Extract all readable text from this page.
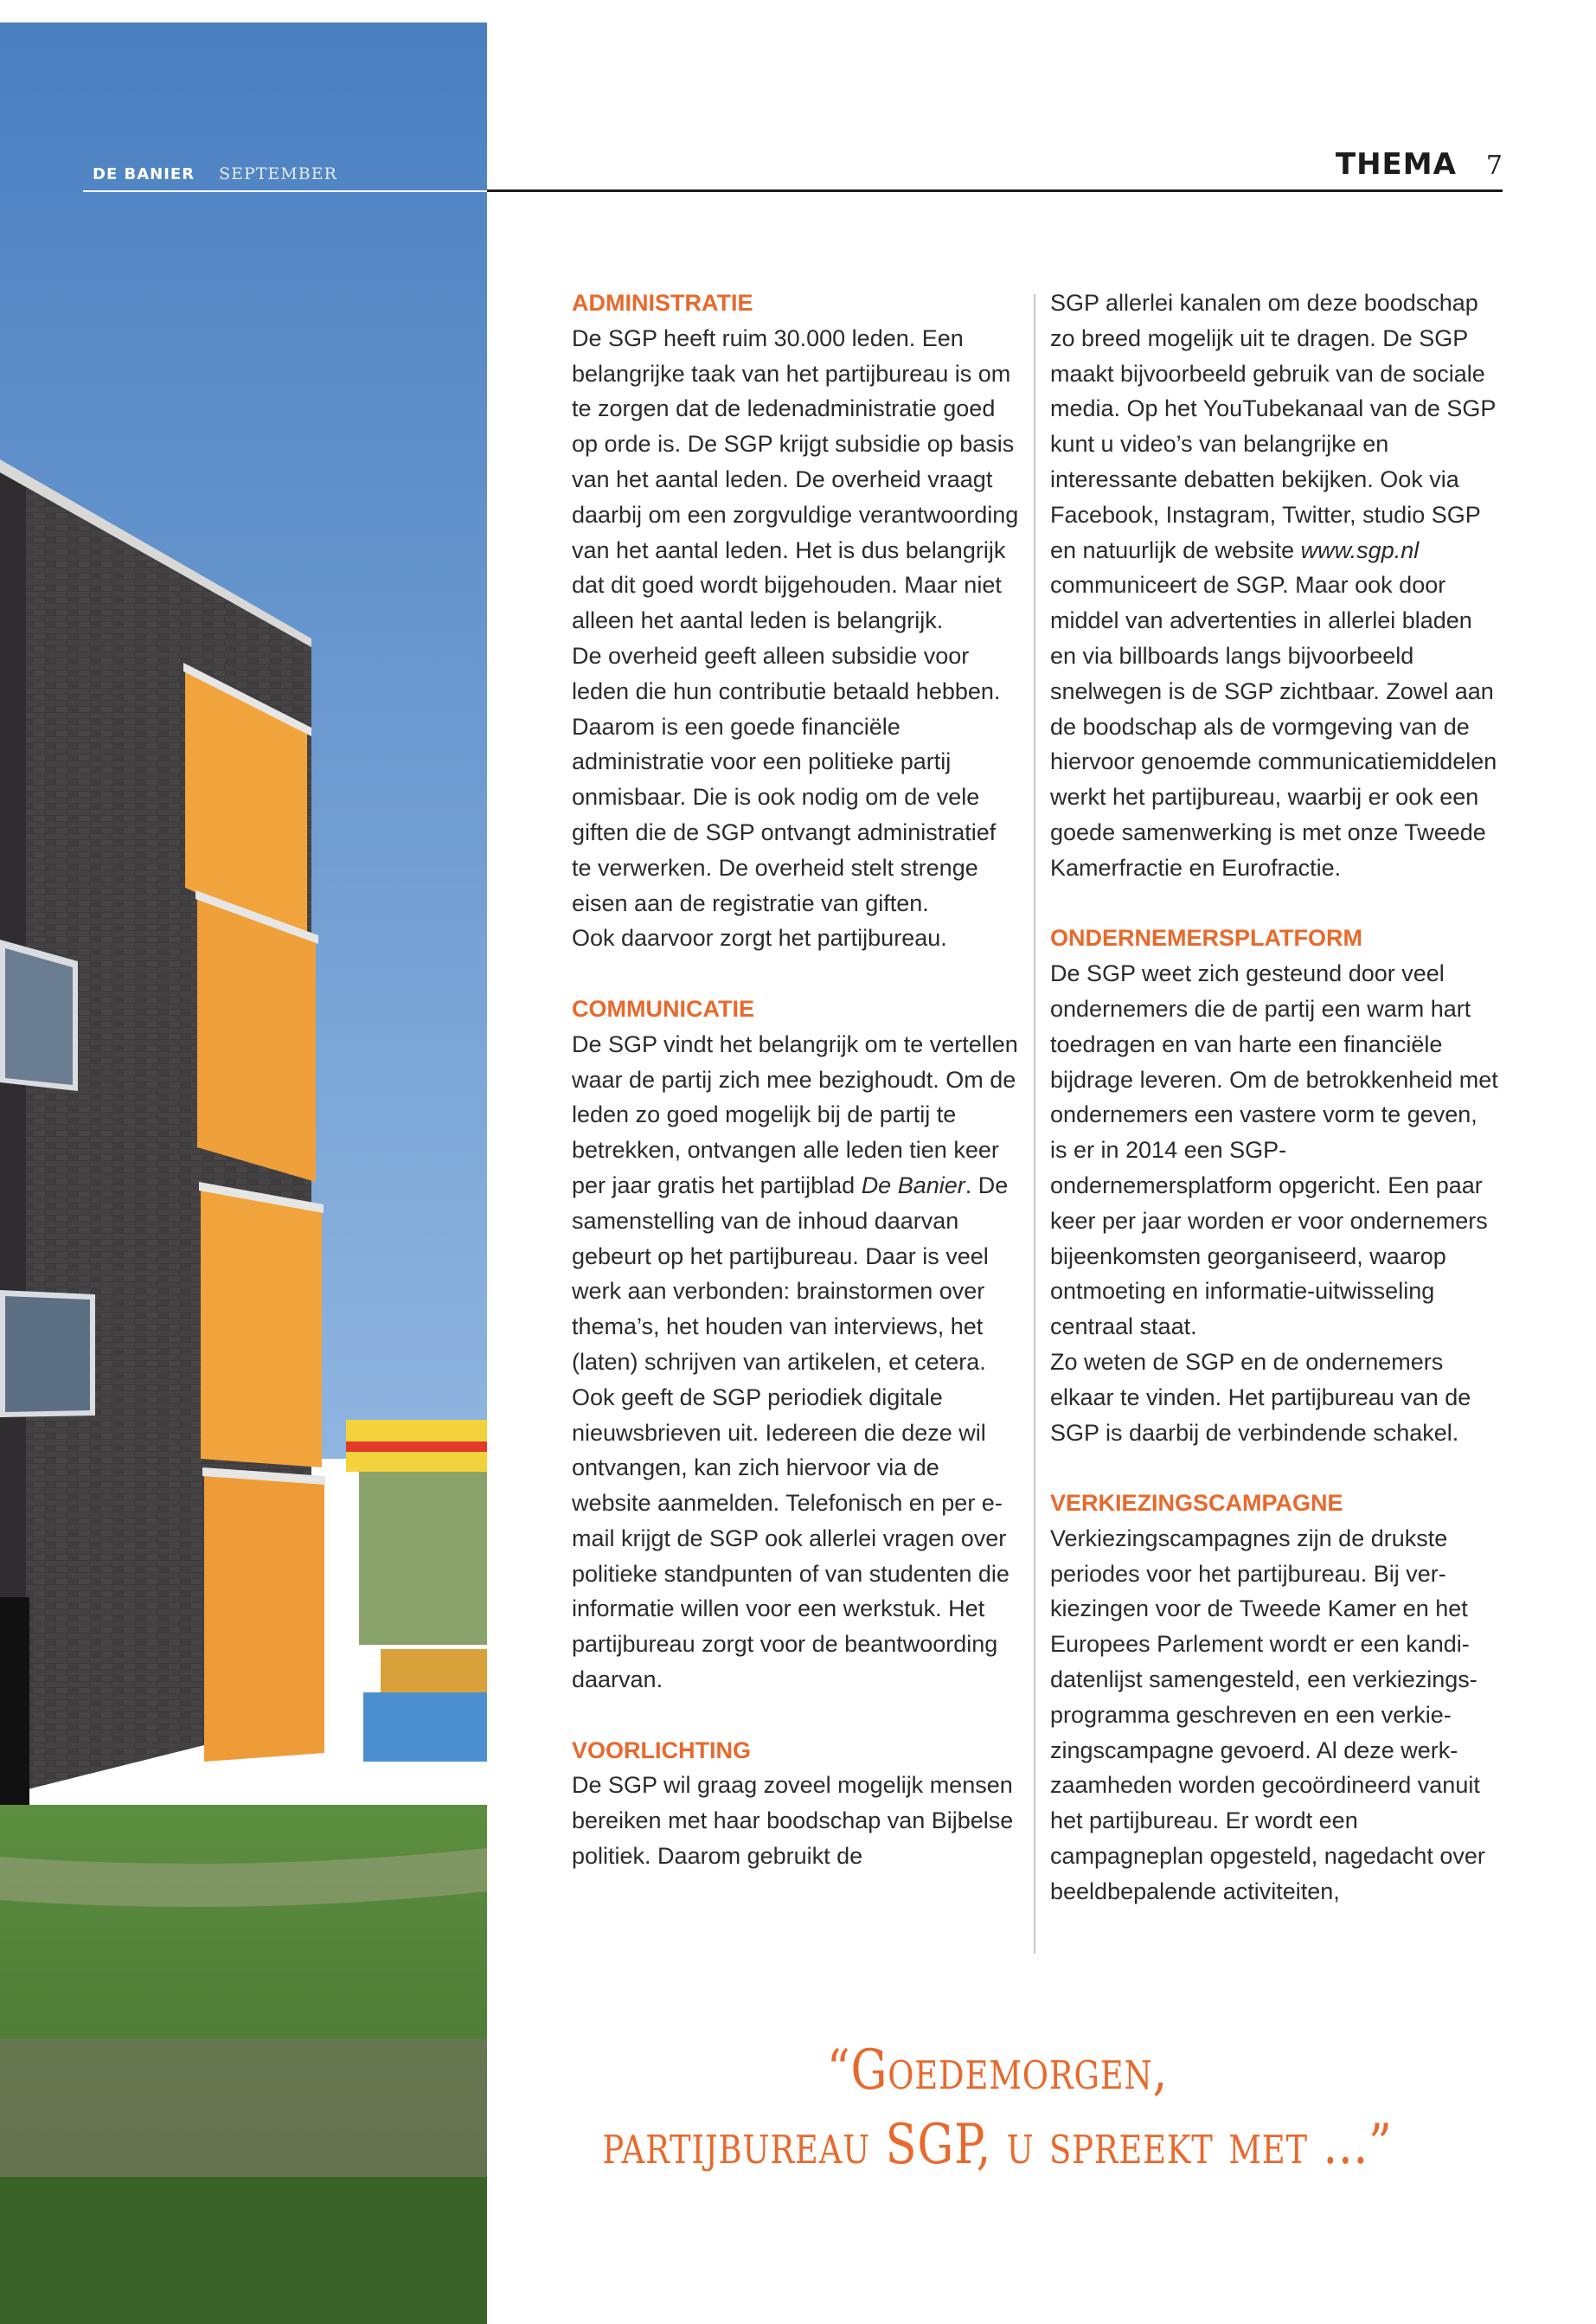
DE BANIER SEPTEMBER	THEMA 7
ADMINISTRATIE

De SGP heeft ruim 30.000 leden. Een belangrijke taak van het partijbureau is om te zorgen dat de ledenadministratie goed op orde is. De SGP krijgt subsidie op basis van het aantal leden. De overheid vraagt daarbij om een zorgvuldige verantwoording van het aantal leden. Het is dus belangrijk dat dit goed wordt bijgehouden. Maar niet alleen het aantal leden is belangrijk.

De overheid geeft alleen subsidie voor leden die hun contributie betaald hebben. Daarom is een goede financiële administratie voor een politieke partij onmisbaar. Die is ook nodig om de vele giften die de SGP ontvangt administratief te verwerken. De overheid stelt strenge eisen aan de registratie van giften.

Ook daarvoor zorgt het partijbureau.

COMMUNICATIE

De SGP vindt het belangrijk om te vertellen waar de partij zich mee bezighoudt. Om de leden zo goed mogelijk bij de partij te betrekken, ontvangen alle leden tien keer per jaar gratis het partijblad De Banier. De samenstelling van de inhoud daarvan gebeurt op het partijbureau. Daar is veel werk aan verbonden: brainstormen over thema’s, het houden van interviews, het (laten) schrijven van artikelen, et cetera. Ook geeft de SGP periodiek digitale nieuwsbrieven uit. Iedereen die deze wil ontvangen, kan zich hiervoor via de website aanmelden. Telefonisch en per e-mail krijgt de SGP ook allerlei vragen over politieke standpunten of van studenten die informatie willen voor een werkstuk. Het partijbureau zorgt voor de beantwoording daarvan.

VOORLICHTING

De SGP wil graag zoveel mogelijk mensen bereiken met haar boodschap van Bijbelse politiek. Daarom gebruikt de

SGP allerlei kanalen om deze boodschap zo breed mogelijk uit te dragen. De SGP maakt bijvoorbeeld gebruik van de sociale media. Op het YouTubekanaal van de SGP kunt u video’s van belangrijke en interessante debatten bekijken. Ook via Facebook, Instagram, Twitter, studio SGP en natuurlijk de website www.sgp.nl communiceert de SGP. Maar ook door middel van advertenties in allerlei bladen en via billboards langs bijvoorbeeld snelwegen is de SGP zichtbaar. Zowel aan de boodschap als de vormgeving van de hiervoor genoemde communicatiemiddelen werkt het partijbureau, waarbij er ook een goede samenwerking is met onze Tweede Kamerfractie en Eurofractie.

ONDERNEMERSPLATFORM

De SGP weet zich gesteund door veel ondernemers die de partij een warm hart toedragen en van harte een financiële bijdrage leveren. Om de betrokkenheid met ondernemers een vastere vorm te geven, is er in 2014 een SGP-ondernemersplatform opgericht. Een paar keer per jaar worden er voor ondernemers bijeenkomsten georganiseerd, waarop ontmoeting en informatie-uitwisseling centraal staat.

Zo weten de SGP en de ondernemers elkaar te vinden. Het partijbureau van de SGP is daarbij de verbindende schakel.

VERKIEZINGSCAMPAGNE

Verkiezingscampagnes zijn de drukste periodes voor het partijbureau. Bij ver-kiezingen voor de Tweede Kamer en het Europees Parlement wordt er een kandi-datenlijst samengesteld, een verkiezings-programma geschreven en een verkie-zingscampagne gevoerd. Al deze werk-zaamheden worden gecoördineerd vanuit het partijbureau. Er wordt een campagneplan opgesteld, nagedacht over beeldbepalende activiteiten,

“Goedemorgen,
partijbureau SGP, u spreekt met ...”
